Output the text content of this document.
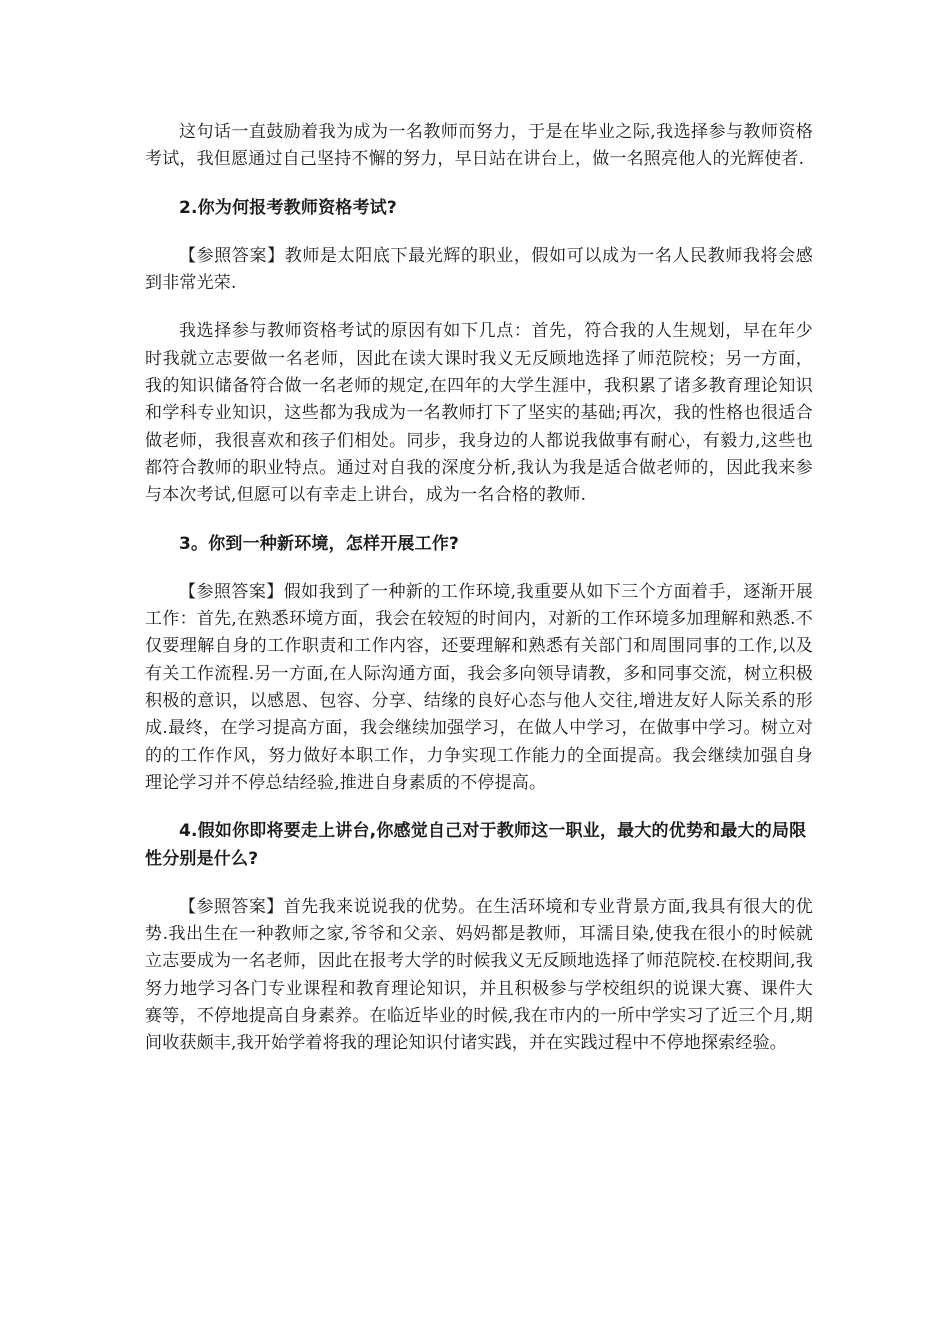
这句话一直鼓励着我为成为一名教师而努力，于是在毕业之际,我选择参与教师资格考试，我但愿通过自己坚持不懈的努力，早日站在讲台上，做一名照亮他人的光辉使者.

2.你为何报考教师资格考试?

【参照答案】教师是太阳底下最光辉的职业，假如可以成为一名人民教师我将会感到非常光荣.

我选择参与教师资格考试的原因有如下几点：首先，符合我的人生规划，早在年少时我就立志要做一名老师，因此在读大课时我义无反顾地选择了师范院校；另一方面，我的知识储备符合做一名老师的规定,在四年的大学生涯中，我积累了诸多教育理论知识和学科专业知识，这些都为我成为一名教师打下了坚实的基础;再次，我的性格也很适合做老师，我很喜欢和孩子们相处。同步，我身边的人都说我做事有耐心，有毅力,这些也都符合教师的职业特点。通过对自我的深度分析,我认为我是适合做老师的，因此我来参与本次考试,但愿可以有幸走上讲台，成为一名合格的教师.

3。你到一种新环境，怎样开展工作?

【参照答案】假如我到了一种新的工作环境,我重要从如下三个方面着手，逐渐开展工作：首先,在熟悉环境方面，我会在较短的时间内，对新的工作环境多加理解和熟悉.不仅要理解自身的工作职责和工作内容，还要理解和熟悉有关部门和周围同事的工作,以及有关工作流程.另一方面,在人际沟通方面，我会多向领导请教，多和同事交流，树立积极积极的意识，以感恩、包容、分享、结缘的良好心态与他人交往,增进友好人际关系的形成.最终，在学习提高方面，我会继续加强学习，在做人中学习，在做事中学习。树立对的的工作作风，努力做好本职工作，力争实现工作能力的全面提高。我会继续加强自身理论学习并不停总结经验,推进自身素质的不停提高。

4.假如你即将要走上讲台,你感觉自己对于教师这一职业，最大的优势和最大的局限性分别是什么?

【参照答案】首先我来说说我的优势。在生活环境和专业背景方面,我具有很大的优势.我出生在一种教师之家,爷爷和父亲、妈妈都是教师，耳濡目染,使我在很小的时候就立志要成为一名老师，因此在报考大学的时候我义无反顾地选择了师范院校.在校期间,我努力地学习各门专业课程和教育理论知识，并且积极参与学校组织的说课大赛、课件大赛等，不停地提高自身素养。在临近毕业的时候,我在市内的一所中学实习了近三个月,期间收获颇丰,我开始学着将我的理论知识付诸实践，并在实践过程中不停地探索经验。
